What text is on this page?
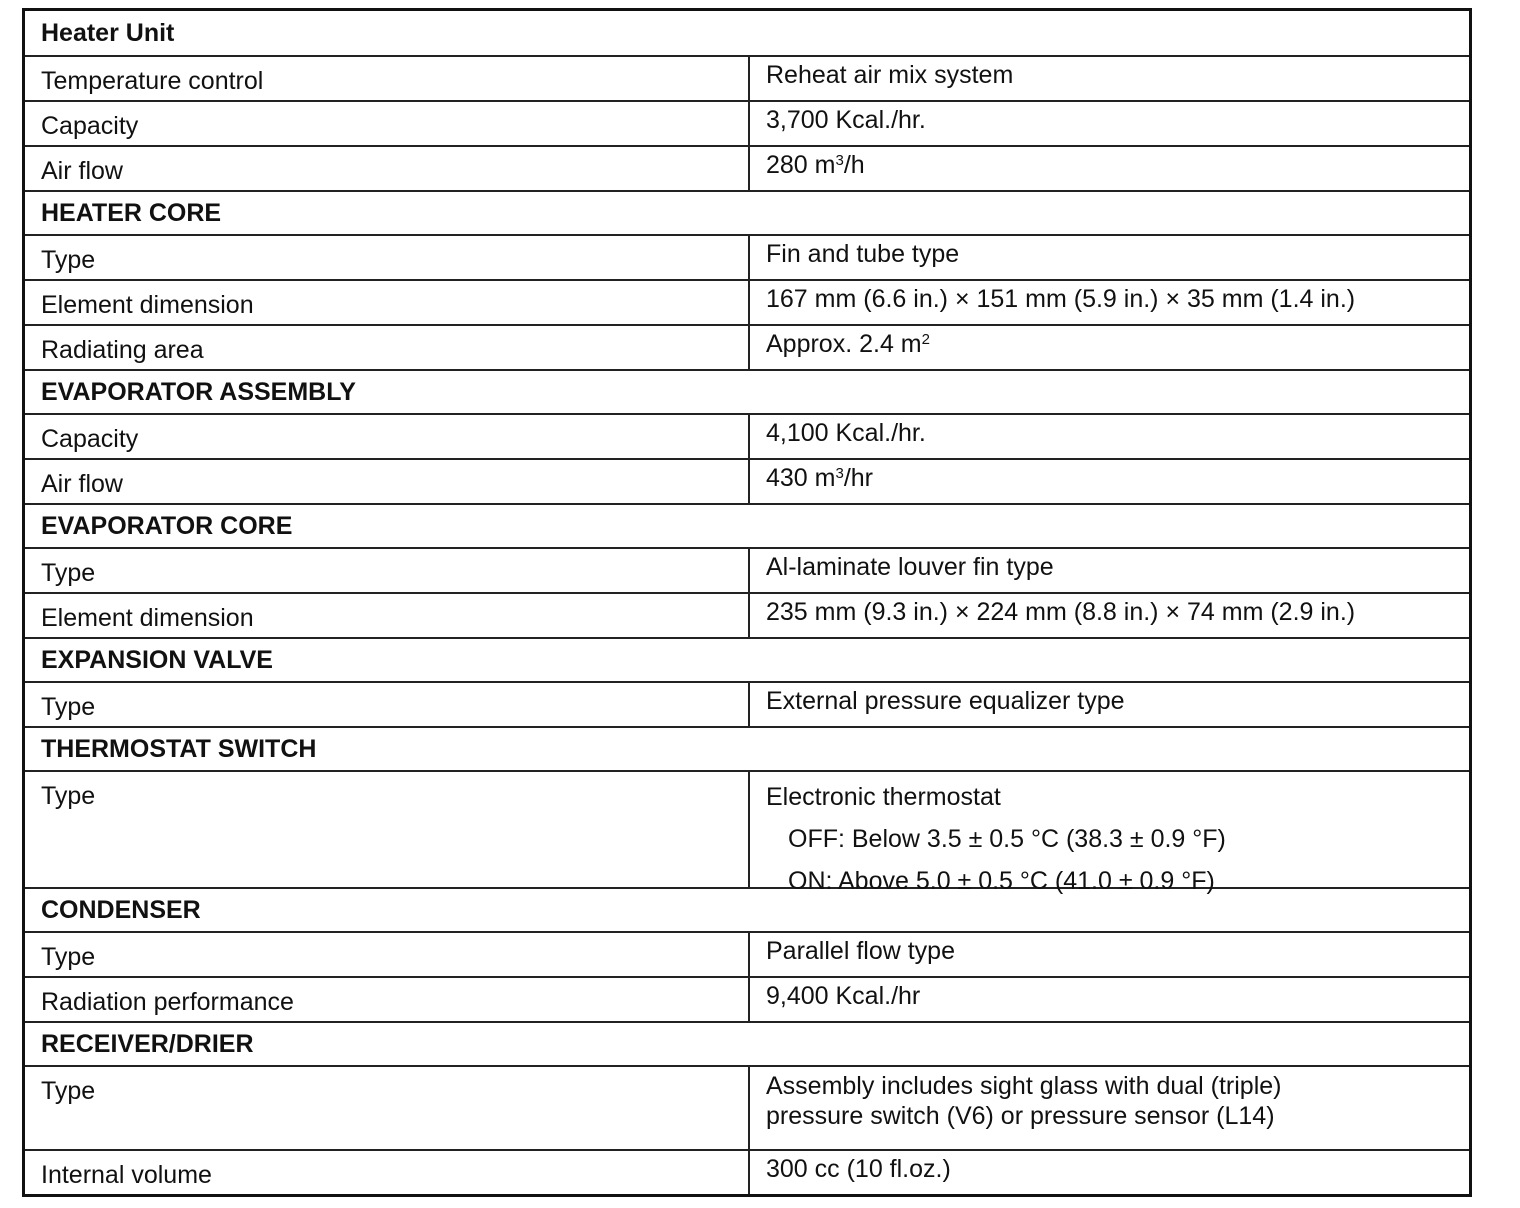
Heater Unit
Temperature control	Reheat air mix system
Capacity	3,700 Kcal./hr.
Air flow	280 $m^3/h$
HEATER CORE
Type	Fin and tube type
Element dimension	167 mm (6.6 in.) × 151 mm (5.9 in.) × 35 mm (1.4 in.)
Radiating area	Approx. 2.4 $m^2$
EVAPORATOR ASSEMBLY
Capacity	4,100 Kcal./hr.
Air flow	430 $m^3/hr$
EVAPORATOR CORE
Type	Al-laminate louver fin type
Element dimension	235 mm (9.3 in.) × 224 mm (8.8 in.) × 74 mm (2.9 in.)
EXPANSION VALVE
Type	External pressure equalizer type
THERMOSTAT SWITCH
Type	Electronic thermostat
OFF: Below 3.5 ± 0.5 °C (38.3 ± 0.9 °F)
ON: Above 5.0 ± 0.5 °C (41.0 ± 0.9 °F)
CONDENSER
Type	Parallel flow type
Radiation performance	9,400 Kcal./hr
RECEIVER/DRIER
Type	Assembly includes sight glass with dual (triple)
pressure switch (V6) or pressure sensor (L14)
Internal volume	300 cc (10 fl.oz.)
